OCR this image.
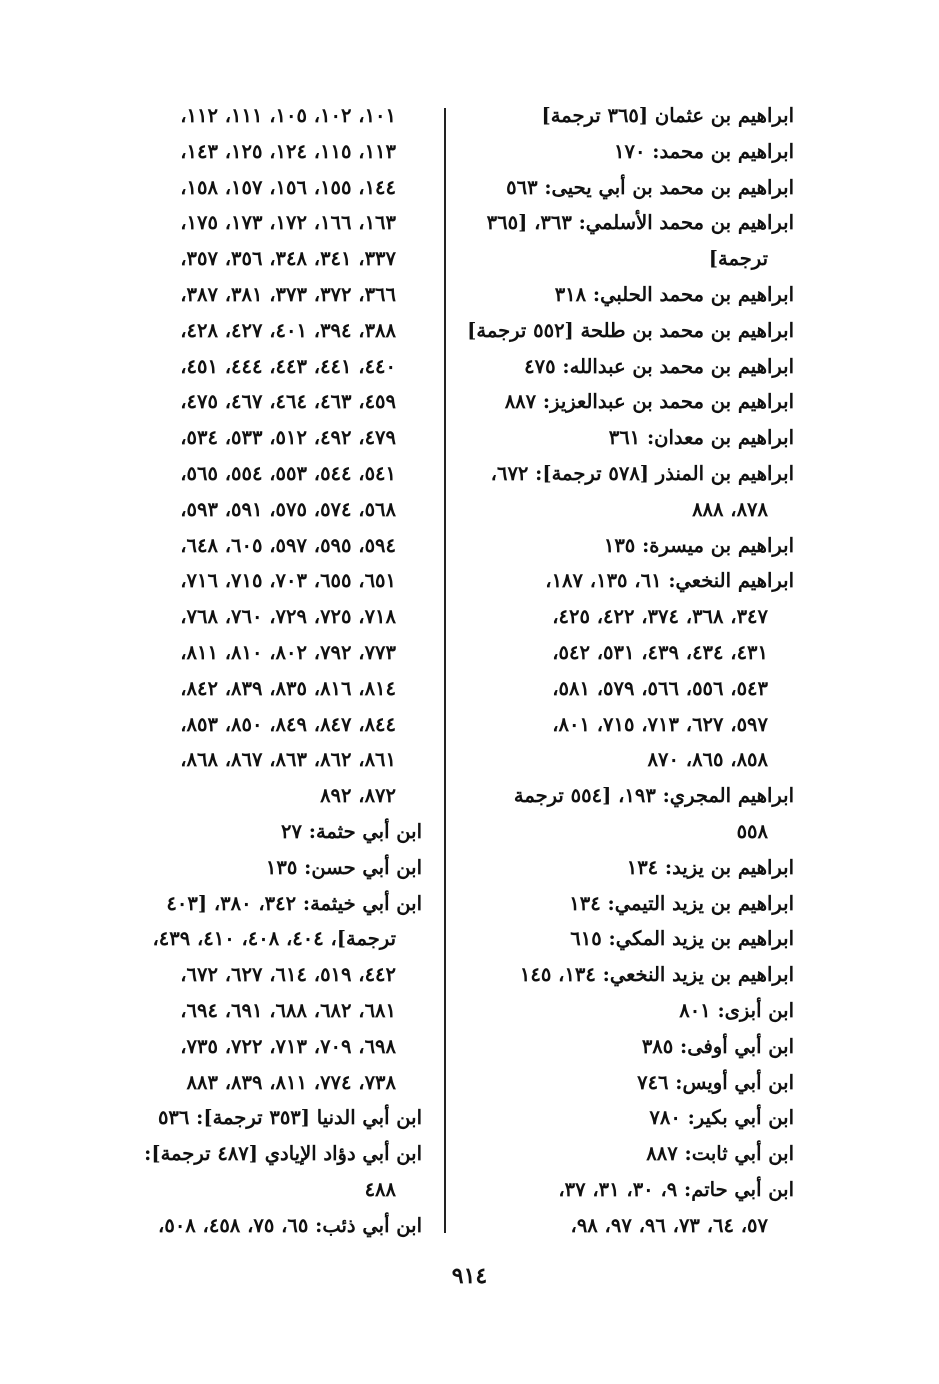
ابراهيم بن عثمان [٣٦٥ ترجمة]
ابراهيم بن محمد: ١٧٠
ابراهيم بن محمد بن أبي يحيى: ٥٦٣
ابراهيم بن محمد الأسلمي: ٣٦٣، [٣٦٥
ترجمة]
ابراهيم بن محمد الحلبي: ٣١٨
ابراهيم بن محمد بن طلحة [٥٥٢ ترجمة]
ابراهيم بن محمد بن عبدالله: ٤٧٥
ابراهيم بن محمد بن عبدالعزيز: ٨٨٧
ابراهيم بن معدان: ٣٦١
ابراهيم بن المنذر [٥٧٨ ترجمة]: ٦٧٢،
٨٧٨، ٨٨٨
ابراهيم بن ميسرة: ١٣٥
ابراهيم النخعي: ٦١، ١٣٥، ١٨٧،
٣٤٧، ٣٦٨، ٣٧٤، ٤٢٢، ٤٢٥،
٤٣١، ٤٣٤، ٤٣٩، ٥٣١، ٥٤٢،
٥٤٣، ٥٥٦، ٥٦٦، ٥٧٩، ٥٨١،
٥٩٧، ٦٢٧، ٧١٣، ٧١٥، ٨٠١،
٨٥٨، ٨٦٥، ٨٧٠
ابراهيم المجري: ١٩٣، [٥٥٤ ترجمة
٥٥٨
ابراهيم بن يزيد: ١٣٤
ابراهيم بن يزيد التيمي: ١٣٤
ابراهيم بن يزيد المكي: ٦١٥
ابراهيم بن يزيد النخعي: ١٣٤، ١٤٥
ابن أبزى: ٨٠١
ابن أبي أوفى: ٣٨٥
ابن أبي أويس: ٧٤٦
ابن أبي بكير: ٧٨٠
ابن أبي ثابت: ٨٨٧
ابن أبي حاتم: ٩، ٣٠، ٣١، ٣٧،
٥٧، ٦٤، ٧٣، ٩٦، ٩٧، ٩٨،
١٠١، ١٠٢، ١٠٥، ١١١، ١١٢،
١١٣، ١١٥، ١٢٤، ١٢٥، ١٤٣،
١٤٤، ١٥٥، ١٥٦، ١٥٧، ١٥٨،
١٦٣، ١٦٦، ١٧٢، ١٧٣، ١٧٥،
٣٣٧، ٣٤١، ٣٤٨، ٣٥٦، ٣٥٧،
٣٦٦، ٣٧٢، ٣٧٣، ٣٨١، ٣٨٧،
٣٨٨، ٣٩٤، ٤٠١، ٤٢٧، ٤٢٨،
٤٤٠، ٤٤١، ٤٤٣، ٤٤٤، ٤٥١،
٤٥٩، ٤٦٣، ٤٦٤، ٤٦٧، ٤٧٥،
٤٧٩، ٤٩٢، ٥١٢، ٥٣٣، ٥٣٤،
٥٤١، ٥٤٤، ٥٥٣، ٥٥٤، ٥٦٥،
٥٦٨، ٥٧٤، ٥٧٥، ٥٩١، ٥٩٣،
٥٩٤، ٥٩٥، ٥٩٧، ٦٠٥، ٦٤٨،
٦٥١، ٦٥٥، ٧٠٣، ٧١٥، ٧١٦،
٧١٨، ٧٢٥، ٧٢٩، ٧٦٠، ٧٦٨،
٧٧٣، ٧٩٢، ٨٠٢، ٨١٠، ٨١١،
٨١٤، ٨١٦، ٨٣٥، ٨٣٩، ٨٤٢،
٨٤٤، ٨٤٧، ٨٤٩، ٨٥٠، ٨٥٣،
٨٦١، ٨٦٢، ٨٦٣، ٨٦٧، ٨٦٨،
٨٧٢، ٨٩٢
ابن أبي حثمة: ٢٧
ابن أبي حسن: ١٣٥
ابن أبي خيثمة: ٣٤٢، ٣٨٠، [٤٠٣
ترجمة]، ٤٠٤، ٤٠٨، ٤١٠، ٤٣٩،
٤٤٢، ٥١٩، ٦١٤، ٦٢٧، ٦٧٢،
٦٨١، ٦٨٢، ٦٨٨، ٦٩١، ٦٩٤،
٦٩٨، ٧٠٩، ٧١٣، ٧٢٢، ٧٣٥،
٧٣٨، ٧٧٤، ٨١١، ٨٣٩، ٨٨٣
ابن أبي الدنيا [٣٥٣ ترجمة]: ٥٣٦
ابن أبي دؤاد الإيادي [٤٨٧ ترجمة]:
٤٨٨
ابن أبي ذئب: ٦٥، ٧٥، ٤٥٨، ٥٠٨،
٩١٤
